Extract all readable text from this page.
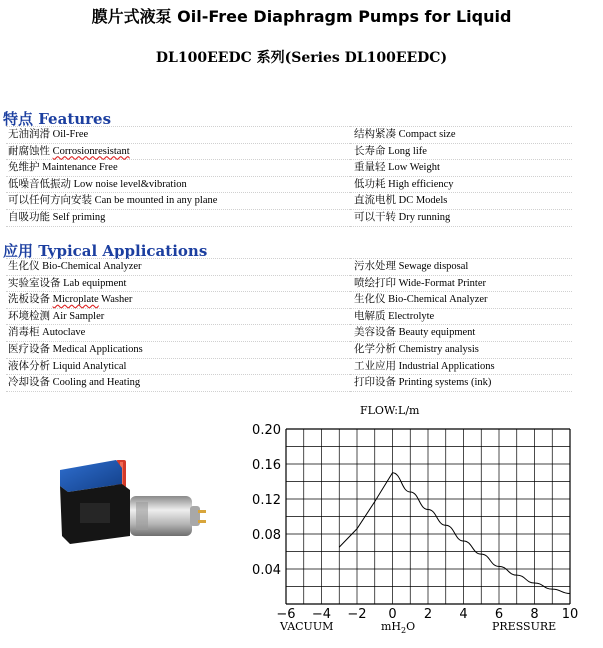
膜片式液泵 Oil-Free Diaphragm Pumps for Liquid
DL100EEDC 系列(Series DL100EEDC)
特点 Features
无油润滑 Oil-Free	结构紧凑 Compact size
耐腐蚀性 Corrosionresistant	长寿命 Long life
免维护 Maintenance Free	重量轻 Low Weight
低噪音低振动 Low noise level&vibration	低功耗 High efficiency
可以任何方向安装 Can be mounted in any plane	直流电机 DC Models
自吸功能 Self priming	可以干转 Dry running
应用 Typical Applications
生化仪 Bio-Chemical Analyzer	污水处理 Sewage disposal
实验室设备 Lab equipment	喷绘打印 Wide-Format Printer
洗板设备 Microplate Washer	生化仪 Bio-Chemical Analyzer
环境检测 Air Sampler	电解质 Electrolyte
消毒柜 Autoclave	美容设备 Beauty equipment
医疗设备 Medical Applications	化学分析 Chemistry analysis
液体分析 Liquid Analytical	工业应用 Industrial Applications
冷却设备 Cooling and Heating	打印设备 Printing systems (ink)
FLOW:L/m
0.04
0.08
0.12
0.16
0.20
−6 −4 −2 0 2 4 6 8 10
VACUUM	$mH_2O$	PRESSURE
